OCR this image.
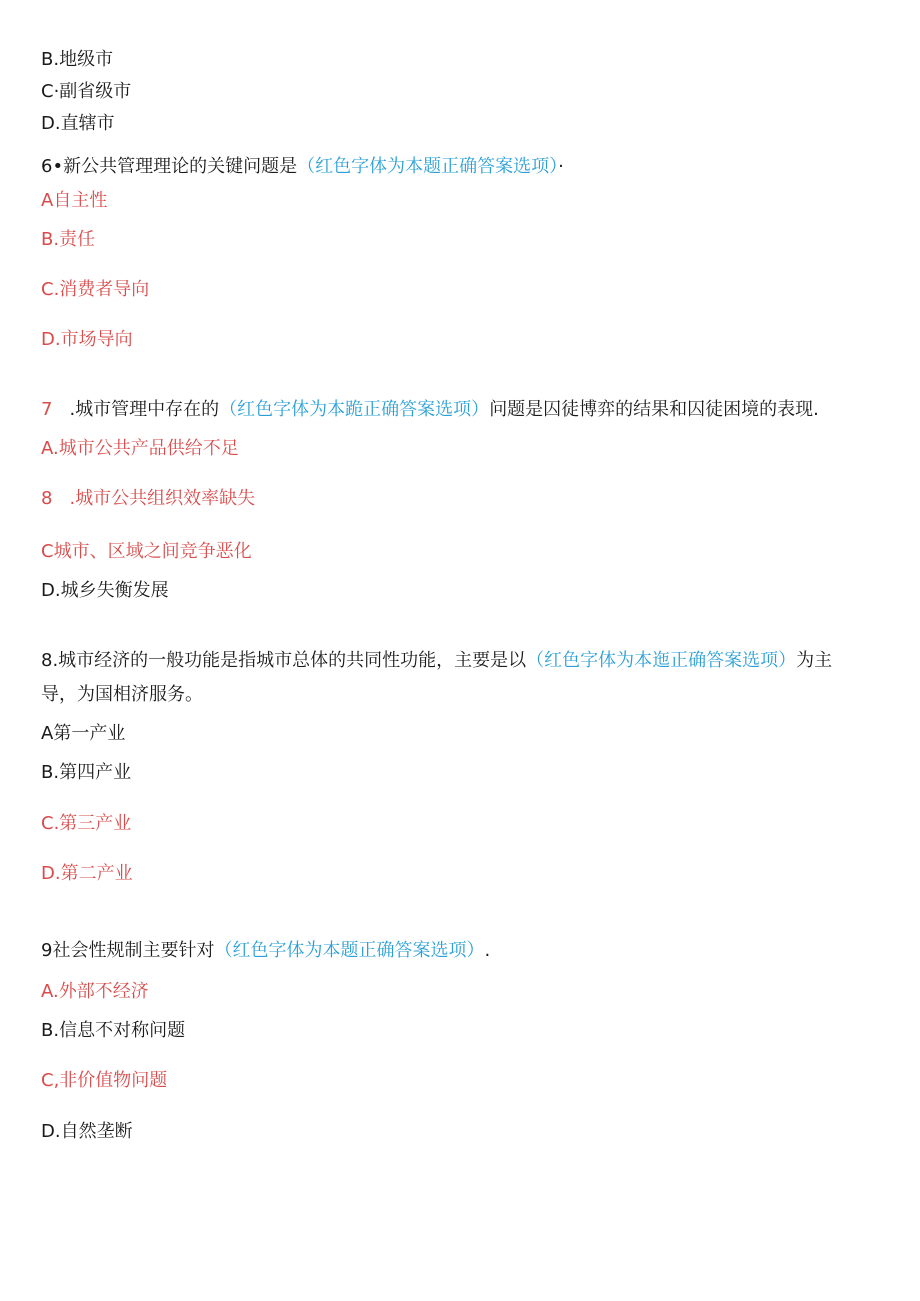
B.地级市
C·副省级市
D.直辖市
6•新公共管理理论的关键问题是（红色字体为本题正确答案选项）·
A自主性
B.责任
C.消费者导向
D.市场导向
7 .城市管理中存在的（红色字体为本跪正确答案选项）问题是囚徒博弈的结果和囚徒困境的表现.
A.城市公共产品供给不足
8 .城市公共组织效率缺失
C城市、区域之间竞争恶化
D.城乡失衡发展
8.城市经济的一般功能是指城市总体的共同性功能，主要是以（红色字体为本迤正确答案选项）为主
导，为国相济服务。
A第一产业
B.第四产业
C.第三产业
D.第二产业
9社会性规制主要针对（红色字体为本题正确答案选项）.
A.外部不经济
B.信息不对称问题
C,非价值物问题
D.自然垄断
